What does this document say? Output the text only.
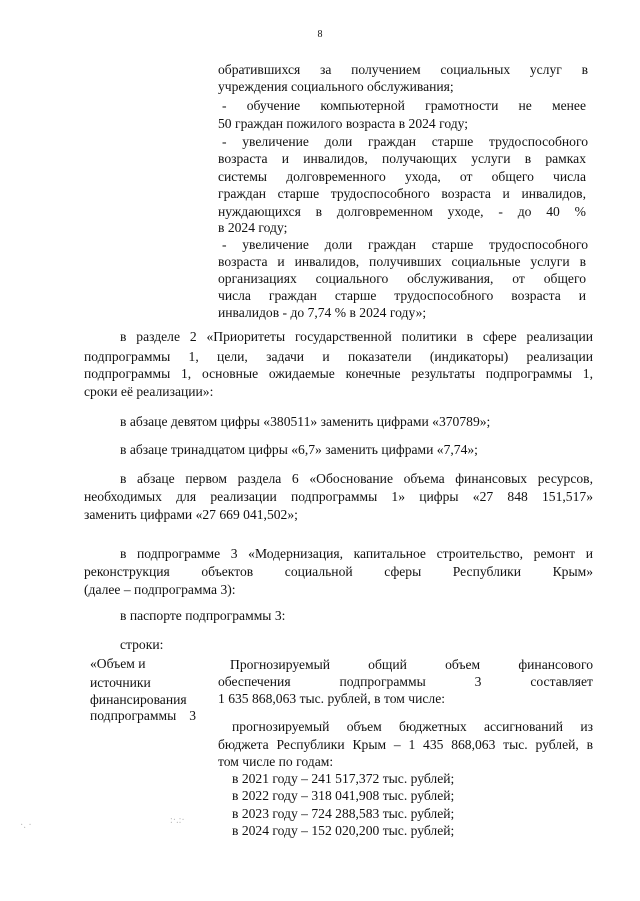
8
обратившихся за получением социальных услуг в
учреждения социального обслуживания;
- обучение компьютерной грамотности не менее
50 граждан пожилого возраста в 2024 году;
- увеличение доли граждан старше трудоспособного
возраста и инвалидов, получающих услуги в рамках
системы долговременного ухода, от общего числа
граждан старше трудоспособного возраста и инвалидов,
нуждающихся в долговременном уходе, - до 40 %
в 2024 году;
- увеличение доли граждан старше трудоспособного
возраста и инвалидов, получивших социальные услуги в
организациях социального обслуживания, от общего
числа граждан старше трудоспособного возраста и
инвалидов - до 7,74 % в 2024 году»;
в разделе 2 «Приоритеты государственной политики в сфере реализации
подпрограммы 1, цели, задачи и показатели (индикаторы) реализации
подпрограммы 1, основные ожидаемые конечные результаты подпрограммы 1,
сроки её реализации»:
в абзаце девятом цифры «380511» заменить цифрами «370789»;
в абзаце тринадцатом цифры «6,7» заменить цифрами «7,74»;
в абзаце первом раздела 6 «Обоснование объема финансовых ресурсов,
необходимых для реализации подпрограммы 1» цифры «27 848 151,517»
заменить цифрами «27 669 041,502»;
в подпрограмме 3 «Модернизация, капитальное строительство, ремонт и
реконструкция объектов социальной сферы Республики Крым»
(далее – подпрограмма 3):
в паспорте подпрограммы 3:
строки:
«Объем и
источники
финансирования
подпрограммы 3
Прогнозируемый общий объем финансового
обеспечения подпрограммы 3 составляет
1 635 868,063 тыс. рублей, в том числе:
прогнозируемый объем бюджетных ассигнований из
бюджета Республики Крым – 1 435 868,063 тыс. рублей, в
том числе по годам:
в 2021 году – 241 517,372 тыс. рублей;
в 2022 году – 318 041,908 тыс. рублей;
в 2023 году – 724 288,583 тыс. рублей;
в 2024 году – 152 020,200 тыс. рублей;
·. ·	:·.:·
